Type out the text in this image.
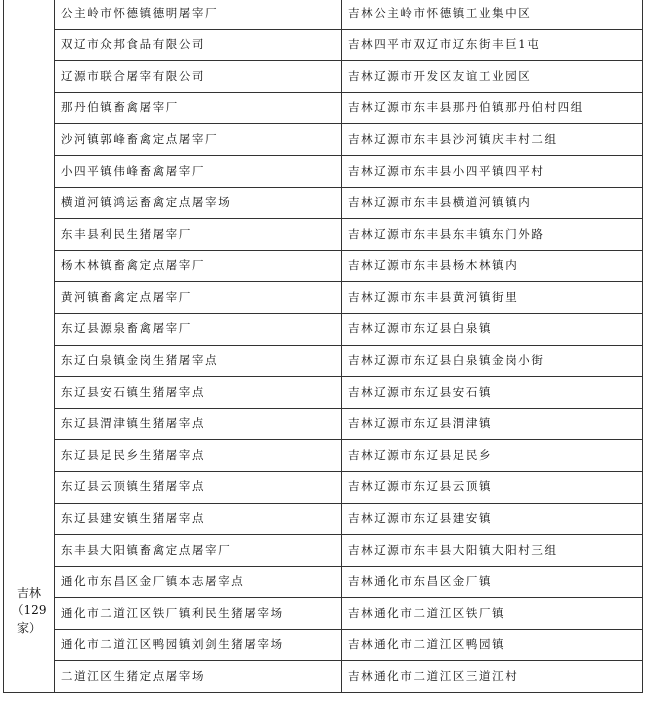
吉林
（129
家）	公主岭市怀德镇德明屠宰厂	吉林公主岭市怀德镇工业集中区
	双辽市众邦食品有限公司	吉林四平市双辽市辽东街丰巨1屯
	辽源市联合屠宰有限公司	吉林辽源市开发区友谊工业园区
	那丹伯镇畜禽屠宰厂	吉林辽源市东丰县那丹伯镇那丹伯村四组
	沙河镇郭峰畜禽定点屠宰厂	吉林辽源市东丰县沙河镇庆丰村二组
	小四平镇伟峰畜禽屠宰厂	吉林辽源市东丰县小四平镇四平村
	横道河镇鸿运畜禽定点屠宰场	吉林辽源市东丰县横道河镇镇内
	东丰县利民生猪屠宰厂	吉林辽源市东丰县东丰镇东门外路
	杨木林镇畜禽定点屠宰厂	吉林辽源市东丰县杨木林镇内
	黄河镇畜禽定点屠宰厂	吉林辽源市东丰县黄河镇街里
	东辽县源泉畜禽屠宰厂	吉林辽源市东辽县白泉镇
	东辽白泉镇金岗生猪屠宰点	吉林辽源市东辽县白泉镇金岗小街
	东辽县安石镇生猪屠宰点	吉林辽源市东辽县安石镇
	东辽县渭津镇生猪屠宰点	吉林辽源市东辽县渭津镇
	东辽县足民乡生猪屠宰点	吉林辽源市东辽县足民乡
	东辽县云顶镇生猪屠宰点	吉林辽源市东辽县云顶镇
	东辽县建安镇生猪屠宰点	吉林辽源市东辽县建安镇
	东丰县大阳镇畜禽定点屠宰厂	吉林辽源市东丰县大阳镇大阳村三组
	通化市东昌区金厂镇本志屠宰点	吉林通化市东昌区金厂镇
	通化市二道江区铁厂镇利民生猪屠宰场	吉林通化市二道江区铁厂镇
	通化市二道江区鸭园镇刘剑生猪屠宰场	吉林通化市二道江区鸭园镇
	二道江区生猪定点屠宰场	吉林通化市二道江区三道江村
